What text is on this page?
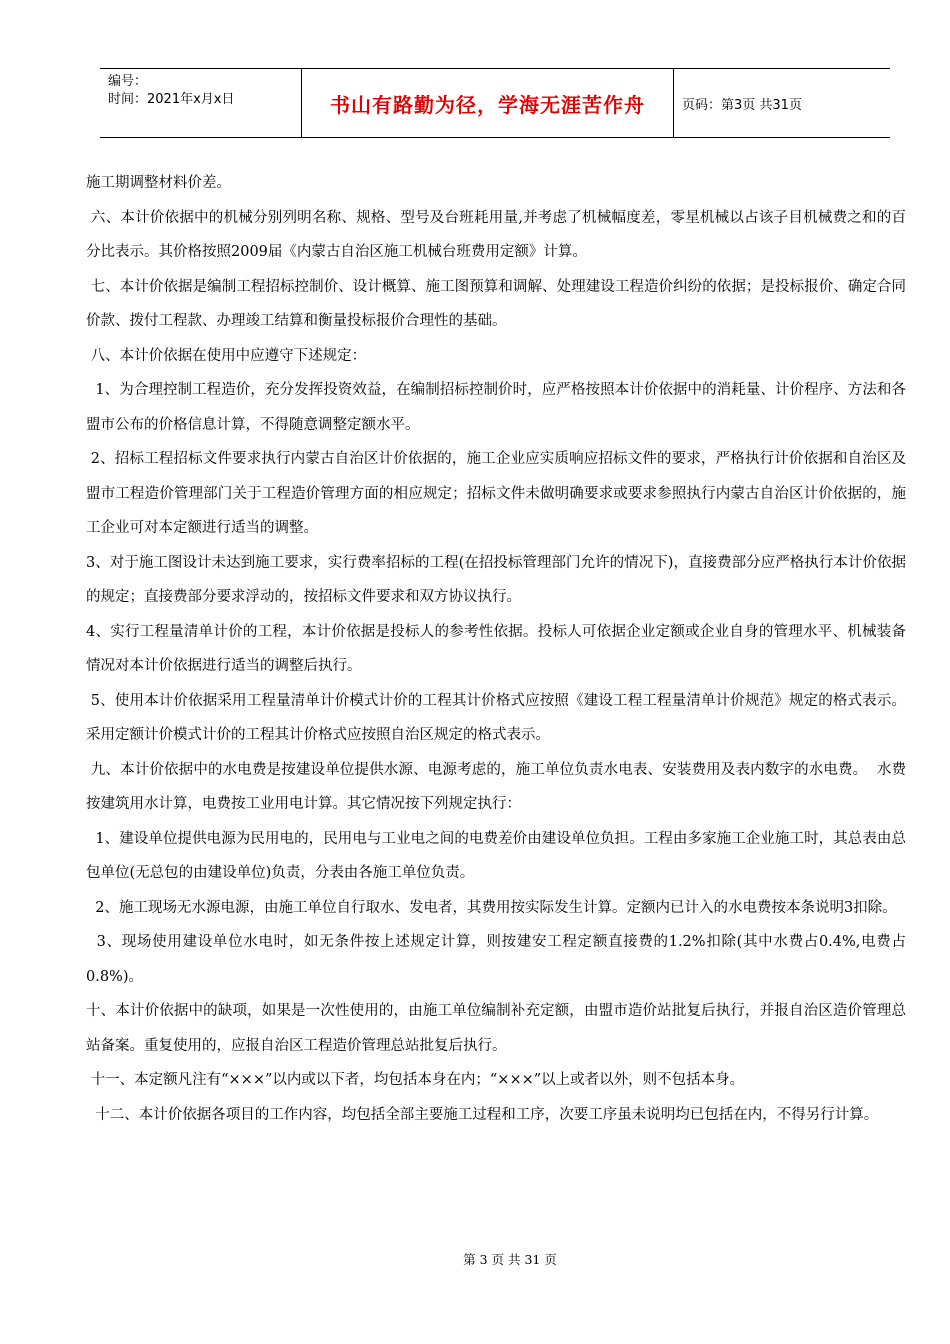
编号：
时间：2021年x月x日	书山有路勤为径，学海无涯苦作舟	页码：第3页 共31页

施工期调整材料价差。

六、本计价依据中的机械分别列明名称、规格、型号及台班耗用量,并考虑了机械幅度差，零星机械以占该子目机械费之和的百分比表示。其价格按照2009届《内蒙古自治区施工机械台班费用定额》计算。

七、本计价依据是编制工程招标控制价、设计概算、施工图预算和调解、处理建设工程造价纠纷的依据；是投标报价、确定合同价款、拨付工程款、办理竣工结算和衡量投标报价合理性的基础。

八、本计价依据在使用中应遵守下述规定：

1、为合理控制工程造价，充分发挥投资效益，在编制招标控制价时，应严格按照本计价依据中的消耗量、计价程序、方法和各盟市公布的价格信息计算，不得随意调整定额水平。

2、招标工程招标文件要求执行内蒙古自治区计价依据的，施工企业应实质响应招标文件的要求，严格执行计价依据和自治区及盟市工程造价管理部门关于工程造价管理方面的相应规定；招标文件未做明确要求或要求参照执行内蒙古自治区计价依据的，施工企业可对本定额进行适当的调整。

3、对于施工图设计未达到施工要求，实行费率招标的工程(在招投标管理部门允许的情况下)，直接费部分应严格执行本计价依据的规定；直接费部分要求浮动的，按招标文件要求和双方协议执行。

4、实行工程量清单计价的工程，本计价依据是投标人的参考性依据。投标人可依据企业定额或企业自身的管理水平、机械装备情况对本计价依据进行适当的调整后执行。

5、使用本计价依据采用工程量清单计价模式计价的工程其计价格式应按照《建设工程工程量清单计价规范》规定的格式表示。采用定额计价模式计价的工程其计价格式应按照自治区规定的格式表示。

九、本计价依据中的水电费是按建设单位提供水源、电源考虑的，施工单位负责水电表、安装费用及表内数字的水电费。  水费按建筑用水计算，电费按工业用电计算。其它情况按下列规定执行：

1、建设单位提供电源为民用电的，民用电与工业电之间的电费差价由建设单位负担。工程由多家施工企业施工时，其总表由总包单位(无总包的由建设单位)负责，分表由各施工单位负责。

2、施工现场无水源电源，由施工单位自行取水、发电者，其费用按实际发生计算。定额内已计入的水电费按本条说明3扣除。

3、现场使用建设单位水电时，如无条件按上述规定计算，则按建安工程定额直接费的1.2%扣除(其中水费占0.4%,电费占0.8%)。

十、本计价依据中的缺项，如果是一次性使用的，由施工单位编制补充定额，由盟市造价站批复后执行，并报自治区造价管理总站备案。重复使用的，应报自治区工程造价管理总站批复后执行。

十一、本定额凡注有“×××”以内或以下者，均包括本身在内；“×××”以上或者以外，则不包括本身。

十二、本计价依据各项目的工作内容，均包括全部主要施工过程和工序，次要工序虽未说明均已包括在内，不得另行计算。

第 3 页 共 31 页
